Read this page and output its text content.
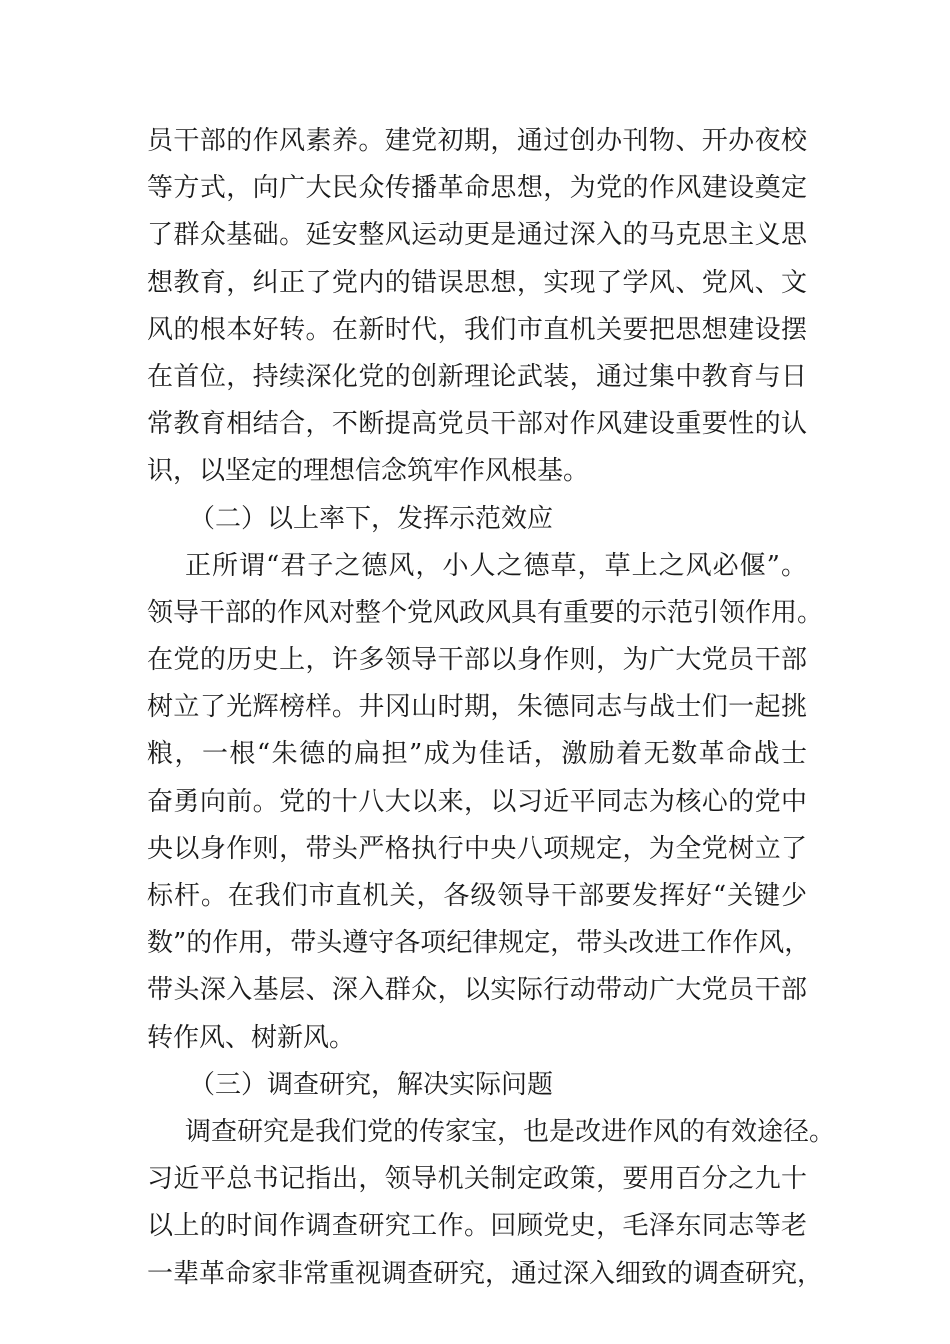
员干部的作风素养。建党初期，通过创办刊物、开办夜校
等方式，向广大民众传播革命思想，为党的作风建设奠定
了群众基础。延安整风运动更是通过深入的马克思主义思
想教育，纠正了党内的错误思想，实现了学风、党风、文
风的根本好转。在新时代，我们市直机关要把思想建设摆
在首位，持续深化党的创新理论武装，通过集中教育与日
常教育相结合，不断提高党员干部对作风建设重要性的认
识，以坚定的理想信念筑牢作风根基。
（二）以上率下，发挥示范效应
正所谓“君子之德风，小人之德草，草上之风必偃”。
领导干部的作风对整个党风政风具有重要的示范引领作用。
在党的历史上，许多领导干部以身作则，为广大党员干部
树立了光辉榜样。井冈山时期，朱德同志与战士们一起挑
粮，一根“朱德的扁担”成为佳话，激励着无数革命战士
奋勇向前。党的十八大以来，以习近平同志为核心的党中
央以身作则，带头严格执行中央八项规定，为全党树立了
标杆。在我们市直机关，各级领导干部要发挥好“关键少
数”的作用，带头遵守各项纪律规定，带头改进工作作风，
带头深入基层、深入群众，以实际行动带动广大党员干部
转作风、树新风。
（三）调查研究，解决实际问题
调查研究是我们党的传家宝，也是改进作风的有效途径。
习近平总书记指出，领导机关制定政策，要用百分之九十
以上的时间作调查研究工作。回顾党史，毛泽东同志等老
一辈革命家非常重视调查研究，通过深入细致的调查研究，
